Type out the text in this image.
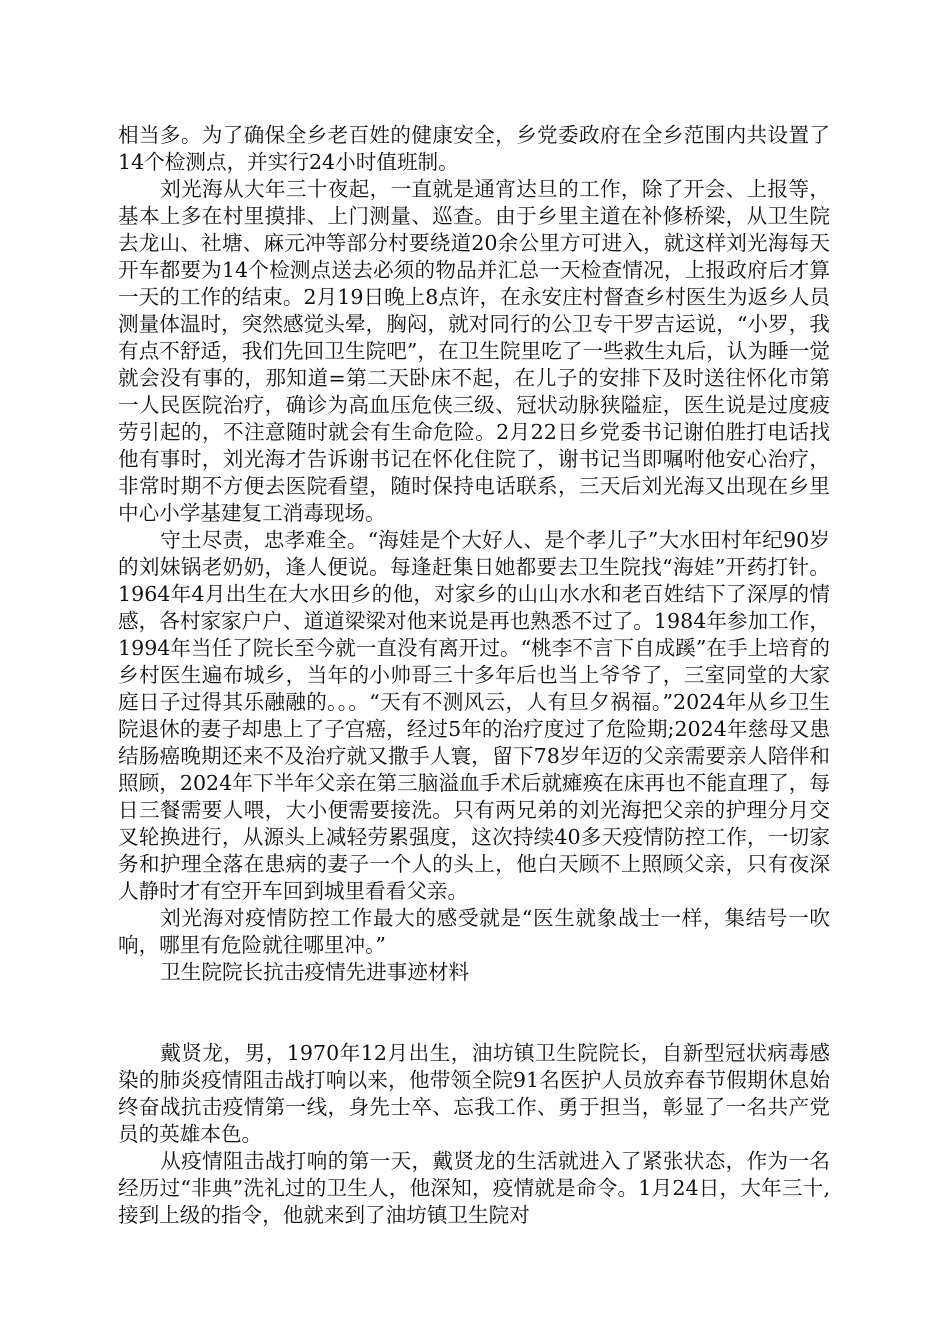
相当多。为了确保全乡老百姓的健康安全，乡党委政府在全乡范围内共设置了14个检测点，并实行24小时值班制。

刘光海从大年三十夜起，一直就是通宵达旦的工作，除了开会、上报等，基本上多在村里摸排、上门测量、巡查。由于乡里主道在补修桥梁，从卫生院去龙山、社塘、麻元冲等部分村要绕道20余公里方可进入，就这样刘光海每天开车都要为14个检测点送去必须的物品并汇总一天检查情况，上报政府后才算一天的工作的结束。2月19日晚上8点许，在永安庄村督查乡村医生为返乡人员测量体温时，突然感觉头晕，胸闷，就对同行的公卫专干罗吉运说，“小罗，我有点不舒适，我们先回卫生院吧”，在卫生院里吃了一些救生丸后，认为睡一觉就会没有事的，那知道=第二天卧床不起，在儿子的安排下及时送往怀化市第一人民医院治疗，确诊为高血压危侠三级、冠状动脉狭隘症，医生说是过度疲劳引起的，不注意随时就会有生命危险。2月22日乡党委书记谢伯胜打电话找他有事时，刘光海才告诉谢书记在怀化住院了，谢书记当即嘱咐他安心治疗，非常时期不方便去医院看望，随时保持电话联系，三天后刘光海又出现在乡里中心小学基建复工消毒现场。

守土尽责，忠孝难全。“海娃是个大好人、是个孝儿子”大水田村年纪90岁的刘妹锅老奶奶，逢人便说。每逢赶集日她都要去卫生院找“海娃”开药打针。1964年4月出生在大水田乡的他，对家乡的山山水水和老百姓结下了深厚的情感，各村家家户户、道道梁梁对他来说是再也熟悉不过了。1984年参加工作，1994年当任了院长至今就一直没有离开过。“桃李不言下自成蹊”在手上培育的乡村医生遍布城乡，当年的小帅哥三十多年后也当上爷爷了，三室同堂的大家庭日子过得其乐融融的。。。“天有不测风云，人有旦夕祸福。”2024年从乡卫生院退休的妻子却患上了子宫癌，经过5年的治疗度过了危险期;2024年慈母又患结肠癌晚期还来不及治疗就又撒手人寰，留下78岁年迈的父亲需要亲人陪伴和照顾，2024年下半年父亲在第三脑溢血手术后就瘫痪在床再也不能直理了，每日三餐需要人喂，大小便需要接洗。只有两兄弟的刘光海把父亲的护理分月交叉轮换进行，从源头上减轻劳累强度，这次持续40多天疫情防控工作，一切家务和护理全落在患病的妻子一个人的头上，他白天顾不上照顾父亲，只有夜深人静时才有空开车回到城里看看父亲。

刘光海对疫情防控工作最大的感受就是“医生就象战士一样，集结号一吹响，哪里有危险就往哪里冲。”

卫生院院长抗击疫情先进事迹材料

戴贤龙，男，1970年12月出生，油坊镇卫生院院长，自新型冠状病毒感染的肺炎疫情阻击战打响以来，他带领全院91名医护人员放弃春节假期休息始终奋战抗击疫情第一线，身先士卒、忘我工作、勇于担当，彰显了一名共产党员的英雄本色。

从疫情阻击战打响的第一天，戴贤龙的生活就进入了紧张状态，作为一名经历过“非典”洗礼过的卫生人，他深知，疫情就是命令。1月24日，大年三十,接到上级的指令，他就来到了油坊镇卫生院对
